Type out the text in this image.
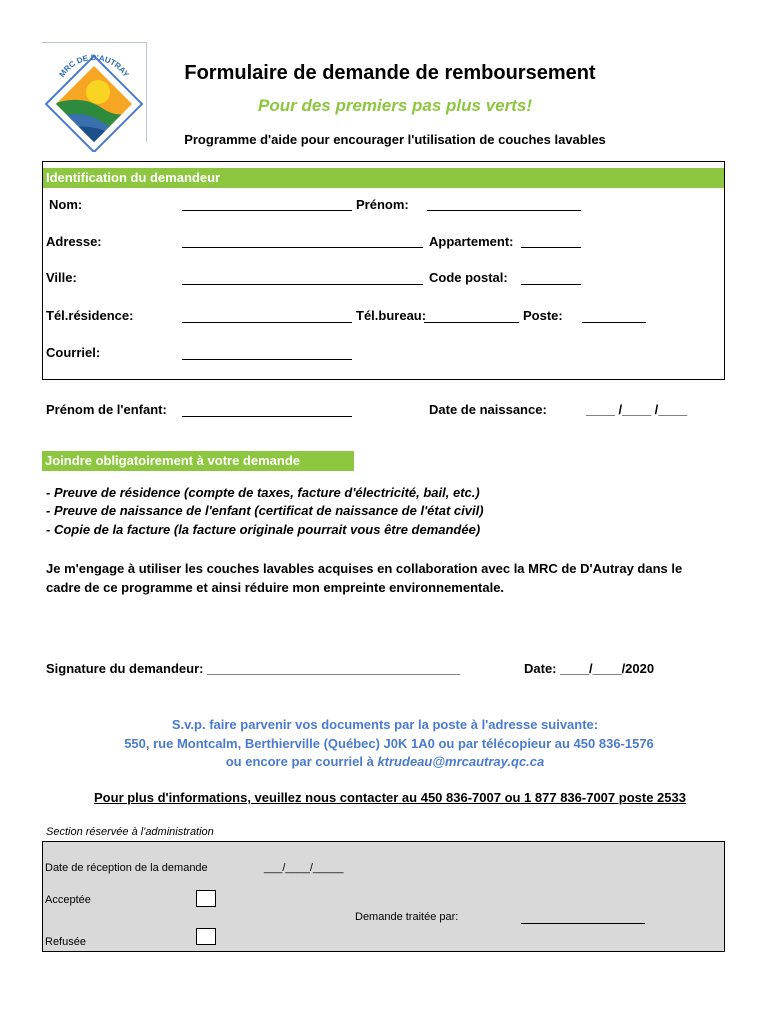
MRC DE D'AUTRAY	Formulaire de demande de remboursement
Pour des premiers pas plus verts!
Programme d'aide pour encourager l'utilisation de couches lavables
Identification du demandeur
Nom:	Prénom:
Adresse:	Appartement:
Ville:	Code postal:
Tél.résidence:	Tél.bureau:	Poste:
Courriel:
Prénom de l'enfant:	Date de naissance:	____ /____ /____
Joindre obligatoirement à votre demande
- Preuve de résidence (compte de taxes, facture d'électricité, bail, etc.)
- Preuve de naissance de l'enfant (certificat de naissance de l'état civil)
- Copie de la facture (la facture originale pourrait vous être demandée)
Je m'engage à utiliser les couches lavables acquises en collaboration avec la MRC de D'Autray dans le cadre de ce programme et ainsi réduire mon empreinte environnementale.
Signature du demandeur: ___________________________________	Date: ____/____/2020
S.v.p. faire parvenir vos documents par la poste à l'adresse suivante:
550, rue Montcalm, Berthierville (Québec) J0K 1A0 ou par télécopieur au 450 836-1576
ou encore par courriel à ktrudeau@mrcautray.qc.ca
Pour plus d'informations, veuillez nous contacter au 450 836-7007 ou 1 877 836-7007 poste 2533
Section réservée à l'administration
Date de réception de la demande	___/____/_____
Acceptée
Demande traitée par:
Refusée
